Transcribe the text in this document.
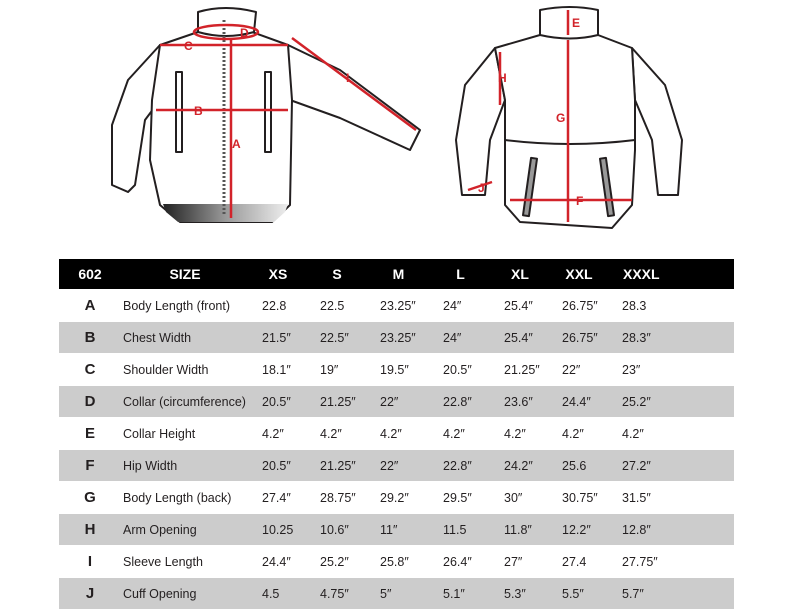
A
B
C
D
I
E
F
G
H
J
602	SIZE	XS	S	M	L	XL	XXL	XXXL
A	Body Length (front)	22.8	22.5	23.25″	24″	25.4″	26.75″	28.3
B	Chest Width	21.5″	22.5″	23.25″	24″	25.4″	26.75″	28.3″
C	Shoulder Width	18.1″	19″	19.5″	20.5″	21.25″	22″	23″
D	Collar (circumference)	20.5″	21.25″	22″	22.8″	23.6″	24.4″	25.2″
E	Collar Height	4.2″	4.2″	4.2″	4.2″	4.2″	4.2″	4.2″
F	Hip Width	20.5″	21.25″	22″	22.8″	24.2″	25.6	27.2″
G	Body Length (back)	27.4″	28.75″	29.2″	29.5″	30″	30.75″	31.5″
H	Arm Opening	10.25	10.6″	11″	11.5	11.8″	12.2″	12.8″
I	Sleeve Length	24.4″	25.2″	25.8″	26.4″	27″	27.4	27.75″
J	Cuff Opening	4.5	4.75″	5″	5.1″	5.3″	5.5″	5.7″
